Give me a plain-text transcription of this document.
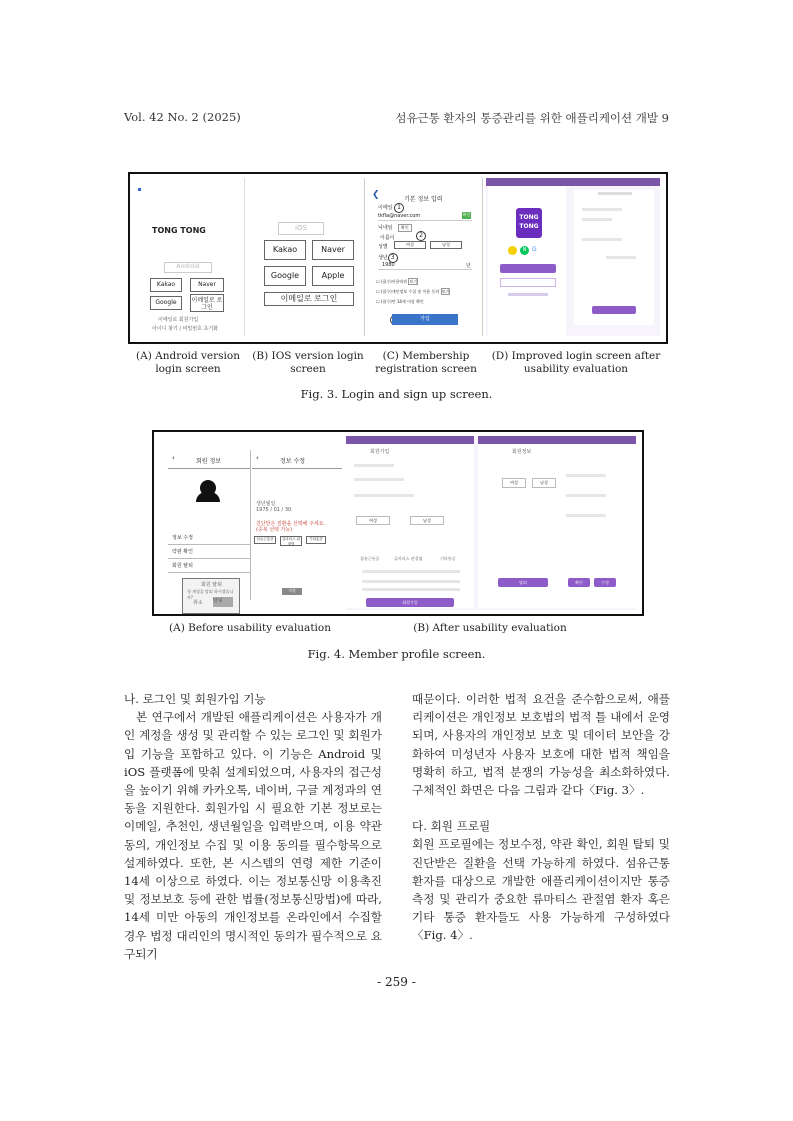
Vol. 42 No. 2 (2025)	섬유근통 환자의 통증관리를 위한 애플리케이션 개발 9
TONG TONG
Android
Kakao	Naver
Google	이메일로 로그인
이메일로 회원가입
아이디 찾기 / 비밀번호 초기화
iOS
Kakao	Naver
Google	Apple
이메일로 로그인
❮	기본 정보 입력
이메일 1
tkfla@naver.com	확인
닉네임	확인
2
이름이
성별	여성	남성
생년 3
1980	년
☐ (필수)이용약관 보기
☐ (필수)개인정보 수집 및 이용 동의 보기
☐ (필수)만 14세 이상 확인
가입
TONG
TONG
N G
(A) Android version login screen
(B) IOS version login screen
(C) Membership registration screen
(D) Improved login screen after usability evaluation
Fig. 3. Login and sign up screen.
‹	회원 정보
정보 수정
약관 확인
회원 탈퇴
회원 탈퇴
첫 계정을 탈퇴 하시겠습니까?
취소 탈퇴
‹	정보 수정
생년월일
1975 / 01 / 30
진단받은 질환을 선택해 주세요.
(중복 선택 가능)
섬유근통증	류마티스 관절염
기타통증
저장
회원가입
여성	남성
섬유근통증	류마티스 관절염	기타통증
회원가입
회원정보
여성	남성
탈퇴	확인	수정
(A) Before usability evaluation	(B) After usability evaluation
Fig. 4. Member profile screen.

나. 로그인 및 회원가입 기능

본 연구에서 개발된 애플리케이션은 사용자가 개인 계정을 생성 및 관리할 수 있는 로그인 및 회원가입 기능을 포함하고 있다. 이 기능은 Android 및 iOS 플랫폼에 맞춰 설계되었으며, 사용자의 접근성을 높이기 위해 카카오톡, 네이버, 구글 계정과의 연동을 지원한다. 회원가입 시 필요한 기본 정보로는 이메일, 추천인, 생년월일을 입력받으며, 이용 약관 동의, 개인정보 수집 및 이용 동의를 필수항목으로 설계하였다. 또한, 본 시스템의 연령 제한 기준이 14세 이상으로 하였다. 이는 정보통신망 이용촉진 및 정보보호 등에 관한 법률(정보통신망법)에 따라, 14세 미만 아동의 개인정보를 온라인에서 수집할 경우 법정 대리인의 명시적인 동의가 필수적으로 요구되기

때문이다. 이러한 법적 요건을 준수함으로써, 애플리케이션은 개인정보 보호법의 법적 틀 내에서 운영되며, 사용자의 개인정보 보호 및 데이터 보안을 강화하여 미성년자 사용자 보호에 대한 법적 책임을 명확히 하고, 법적 분쟁의 가능성을 최소화하였다. 구체적인 화면은 다음 그림과 같다〈Fig. 3〉.

다. 회원 프로필

회원 프로필에는 정보수정, 약관 확인, 회원 탈퇴 및 진단받은 질환을 선택 가능하게 하였다. 섬유근통 환자를 대상으로 개발한 애플리케이션이지만 통증 측정 및 관리가 중요한 류마티스 관절염 환자 혹은 기타 통증 환자들도 사용 가능하게 구성하였다〈Fig. 4〉.

- 259 -
